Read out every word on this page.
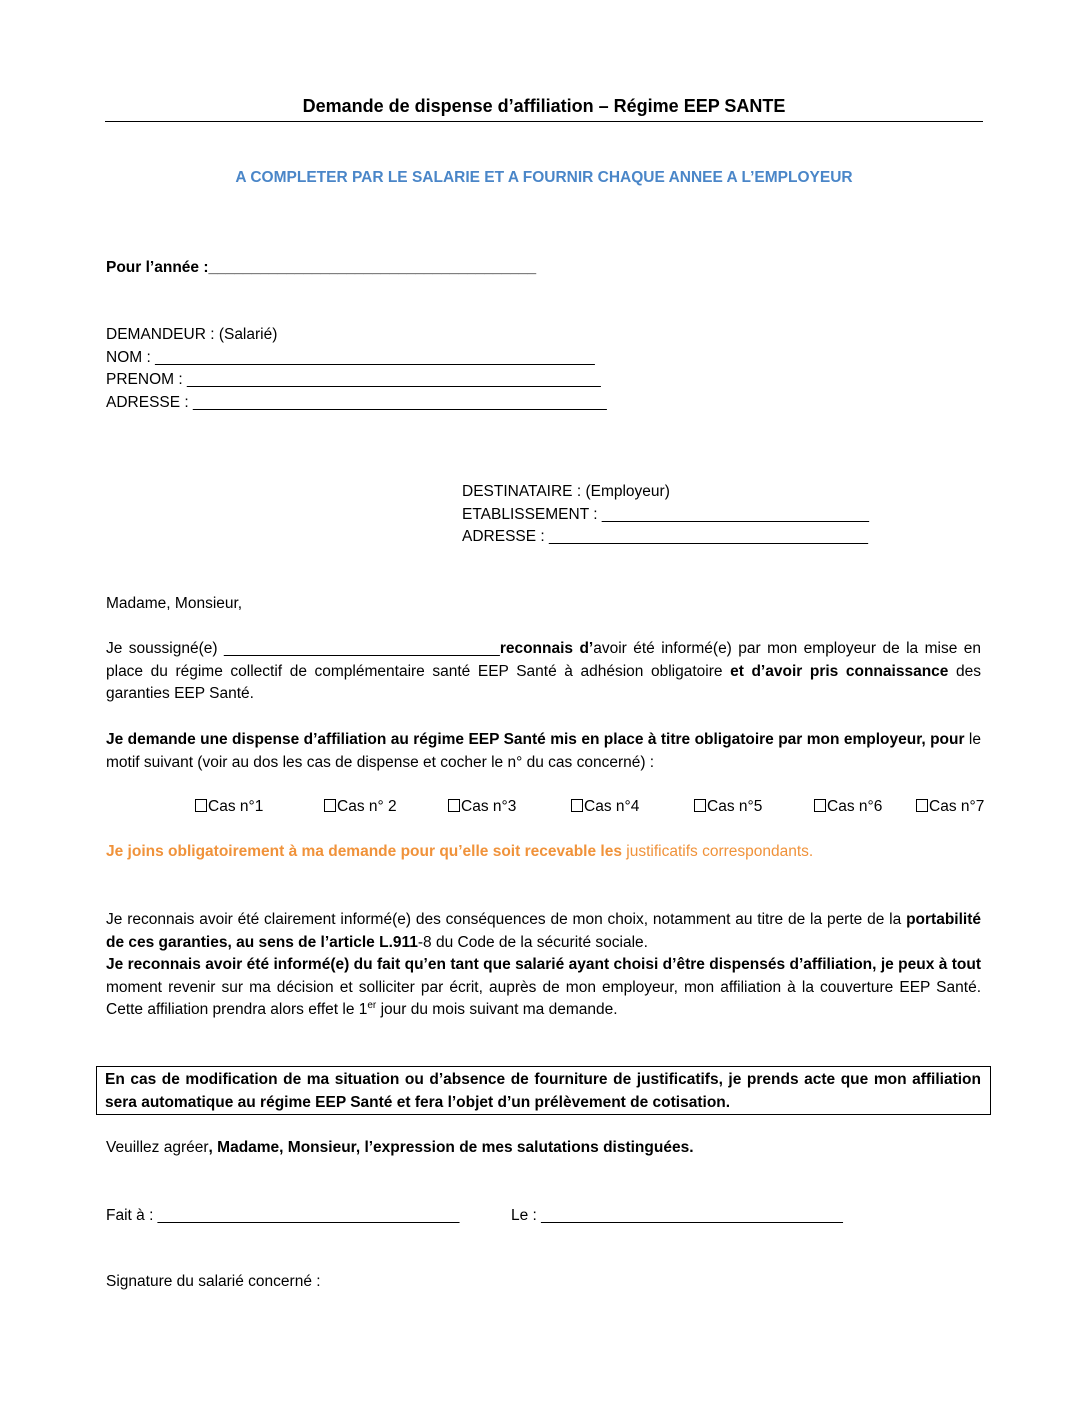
Demande de dispense d’affiliation – Régime EEP SANTE
A COMPLETER PAR LE SALARIE ET A FOURNIR CHAQUE ANNEE A L’EMPLOYEUR
Pour l’année :______________________________________
DEMANDEUR : (Salarié)
NOM : ___________________________________________________
PRENOM : ________________________________________________
ADRESSE : ________________________________________________
DESTINATAIRE : (Employeur)
ETABLISSEMENT : _______________________________
ADRESSE : _____________________________________
Madame, Monsieur,
Je soussigné(e) ________________________________reconnais d’avoir été informé(e) par mon employeur de la mise en place du régime collectif de complémentaire santé EEP Santé à adhésion obligatoire et d’avoir pris connaissance des garanties EEP Santé.
Je demande une dispense d’affiliation au régime EEP Santé mis en place à titre obligatoire par mon employeur, pour le motif suivant (voir au dos les cas de dispense et cocher le n° du cas concerné) :
Cas n°1	Cas n° 2	Cas n°3	Cas n°4	Cas n°5	Cas n°6	Cas n°7
Je joins obligatoirement à ma demande pour qu’elle soit recevable les justificatifs correspondants.
Je reconnais avoir été clairement informé(e) des conséquences de mon choix, notamment au titre de la perte de la portabilité de ces garanties, au sens de l’article L.911-8 du Code de la sécurité sociale.
Je reconnais avoir été informé(e) du fait qu’en tant que salarié ayant choisi d’être dispensés d’affiliation, je peux à tout moment revenir sur ma décision et solliciter par écrit, auprès de mon employeur, mon affiliation à la couverture EEP Santé. Cette affiliation prendra alors effet le 1er jour du mois suivant ma demande.
En cas de modification de ma situation ou d’absence de fourniture de justificatifs, je prends acte que mon affiliation sera automatique au régime EEP Santé et fera l’objet d’un prélèvement de cotisation.
Veuillez agréer, Madame, Monsieur, l’expression de mes salutations distinguées.
Fait à : ___________________________________	Le : ___________________________________
Signature du salarié concerné :
